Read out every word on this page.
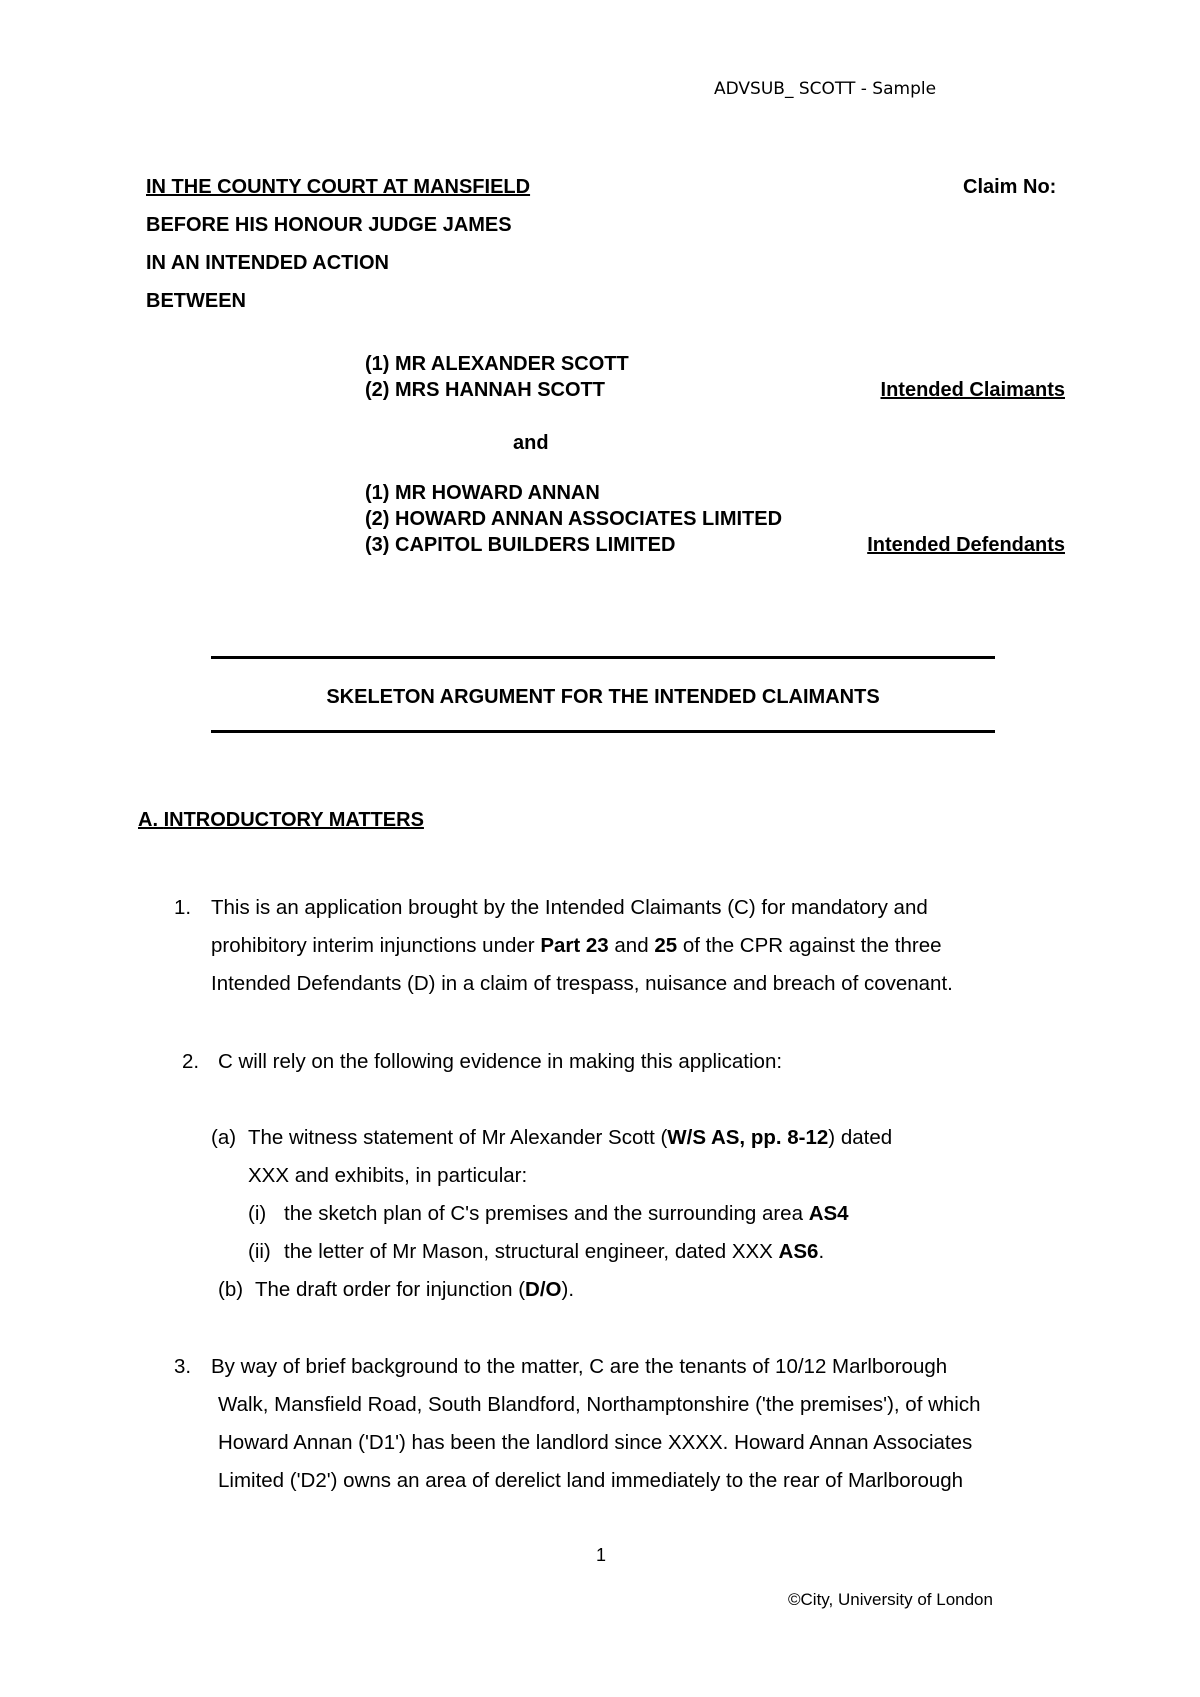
ADVSUB_ SCOTT - Sample
IN THE COUNTY COURT AT MANSFIELD	Claim No:
BEFORE HIS HONOUR JUDGE JAMES
IN AN INTENDED ACTION
BETWEEN
(1) MR ALEXANDER SCOTT
(2) MRS HANNAH SCOTT	Intended Claimants
and
(1) MR HOWARD ANNAN
(2) HOWARD ANNAN ASSOCIATES LIMITED
(3) CAPITOL BUILDERS LIMITED	Intended Defendants
SKELETON ARGUMENT FOR THE INTENDED CLAIMANTS
A. INTRODUCTORY MATTERS
1. This is an application brought by the Intended Claimants (C) for mandatory and
prohibitory interim injunctions under Part 23 and 25 of the CPR against the three
Intended Defendants (D) in a claim of trespass, nuisance and breach of covenant.
2. C will rely on the following evidence in making this application:
(a) The witness statement of Mr Alexander Scott (W/S AS, pp. 8-12) dated
XXX and exhibits, in particular:
(i) the sketch plan of C's premises and the surrounding area AS4
(ii) the letter of Mr Mason, structural engineer, dated XXX AS6.
(b) The draft order for injunction (D/O).
3. By way of brief background to the matter, C are the tenants of 10/12 Marlborough
Walk, Mansfield Road, South Blandford, Northamptonshire ('the premises'), of which
Howard Annan ('D1') has been the landlord since XXXX. Howard Annan Associates
Limited ('D2') owns an area of derelict land immediately to the rear of Marlborough
1
©City, University of London
